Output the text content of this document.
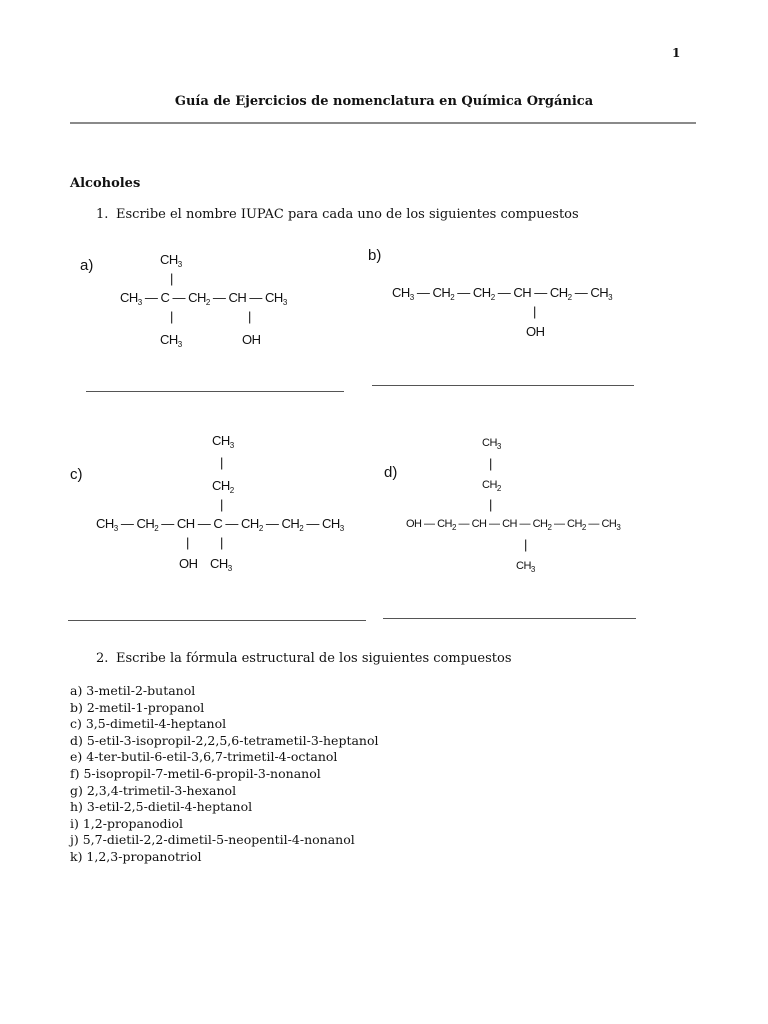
1
Guía de Ejercicios de nomenclatura en Química Orgánica
Alcoholes
1. Escribe el nombre IUPAC para cada uno de los siguientes compuestos
a)	$CH_3$
|
$CH_3$ — C — $CH_2$ — CH — $CH_3$
|	|
$CH_3$	OH
b)
$CH_3$ — $CH_2$ — $CH_2$ — CH — $CH_2$ — $CH_3$
|
OH
c)
$CH_3$
|
$CH_2$
|
$CH_3$ — $CH_2$ — CH — C — $CH_2$ — $CH_2$ — $CH_3$
| |
OH $CH_3$
d)
$CH_3$
|
$CH_2$
|
OH — $CH_2$ — CH — CH — $CH_2$ — $CH_2$ — $CH_3$
|
$CH_3$
2. Escribe la fórmula estructural de los siguientes compuestos
a) 3-metil-2-butanol
b) 2-metil-1-propanol
c) 3,5-dimetil-4-heptanol
d) 5-etil-3-isopropil-2,2,5,6-tetrametil-3-heptanol
e) 4-ter-butil-6-etil-3,6,7-trimetil-4-octanol
f) 5-isopropil-7-metil-6-propil-3-nonanol
g) 2,3,4-trimetil-3-hexanol
h) 3-etil-2,5-dietil-4-heptanol
i) 1,2-propanodiol
j) 5,7-dietil-2,2-dimetil-5-neopentil-4-nonanol
k) 1,2,3-propanotriol
